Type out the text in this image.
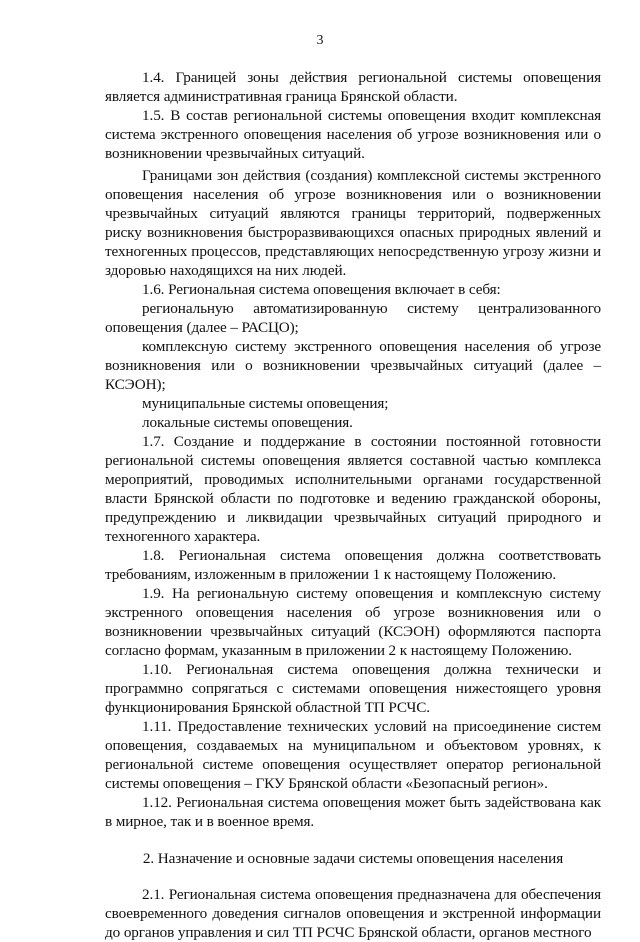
3

1.4. Границей зоны действия региональной системы оповещения является административная граница Брянской области.

1.5. В состав региональной системы оповещения входит комплексная система экстренного оповещения населения об угрозе возникновения или о возникновении чрезвычайных ситуаций.

Границами зон действия (создания) комплексной системы экстренного оповещения населения об угрозе возникновения или о возникновении чрезвычайных ситуаций являются границы территорий, подверженных риску возникновения быстроразвивающихся опасных природных явлений и техногенных процессов, представляющих непосредственную угрозу жизни и здоровью находящихся на них людей.

1.6. Региональная система оповещения включает в себя:

региональную автоматизированную систему централизованного оповещения (далее – РАСЦО);

комплексную систему экстренного оповещения населения об угрозе возникновения или о возникновении чрезвычайных ситуаций (далее – КСЭОН);

муниципальные системы оповещения;

локальные системы оповещения.

1.7. Создание и поддержание в состоянии постоянной готовности региональной системы оповещения является составной частью комплекса мероприятий, проводимых исполнительными органами государственной власти Брянской области по подготовке и ведению гражданской обороны, предупреждению и ликвидации чрезвычайных ситуаций природного и техногенного характера.

1.8. Региональная система оповещения должна соответствовать требованиям, изложенным в приложении 1 к настоящему Положению.

1.9. На региональную систему оповещения и комплексную систему экстренного оповещения населения об угрозе возникновения или о возникновении чрезвычайных ситуаций (КСЭОН) оформляются паспорта согласно формам, указанным в приложении 2 к настоящему Положению.

1.10. Региональная система оповещения должна технически и программно сопрягаться с системами оповещения нижестоящего уровня функционирования Брянской областной ТП РСЧС.

1.11. Предоставление технических условий на присоединение систем оповещения, создаваемых на муниципальном и объектовом уровнях, к региональной системе оповещения осуществляет оператор региональной системы оповещения – ГКУ Брянской области «Безопасный регион».

1.12. Региональная система оповещения может быть задействована как в мирное, так и в военное время.

2. Назначение и основные задачи системы оповещения населения

2.1. Региональная система оповещения предназначена для обеспечения своевременного доведения сигналов оповещения и экстренной информации до органов управления и сил ТП РСЧС Брянской области, органов местного
